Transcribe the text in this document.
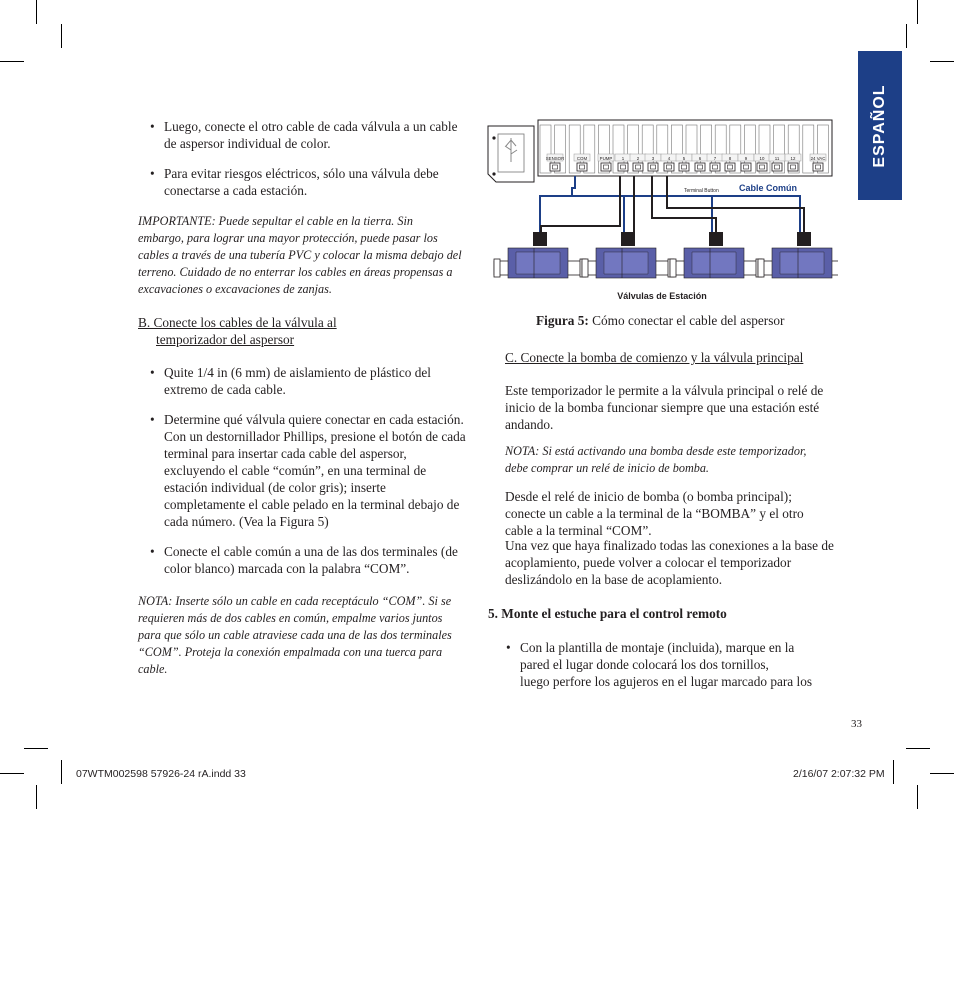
ESPAÑOL
• Luego, conecte el otro cable de cada válvula a un cable de aspersor individual de color.
• Para evitar riesgos eléctricos, sólo una válvula debe conectarse a cada estación.
IMPORTANTE: Puede sepultar el cable en la tierra. Sin
embargo, para lograr una mayor protección, puede pasar los
cables a través de una tubería PVC y colocar la misma debajo del
terreno. Cuidado de no enterrar los cables en áreas propensas a
excavaciones o excavaciones de zanjas.
B. Conecte los cables de la válvula al
temporizador del aspersor
• Quite 1/4 in (6 mm) de aislamiento de plástico del extremo de cada cable.
• Determine qué válvula quiere conectar en cada estación. Con un destornillador Phillips, presione el botón de cada terminal para insertar cada cable del aspersor, excluyendo el cable “común”, en una terminal de estación individual (de color gris); inserte completamente el cable pelado en la terminal debajo de cada número. (Vea la Figura 5)
• Conecte el cable común a una de las dos terminales (de color blanco) marcada con la palabra “COM”.
NOTA: Inserte sólo un cable en cada receptáculo “COM”. Si se
requieren más de dos cables en común, empalme varios juntos
para que sólo un cable atraviese cada una de las dos terminales
“COM”. Proteja la conexión empalmada con una tuerca para
cable.
SENSOR	COM	PUMP 1	2	3	4	5	6	7	8	9	10 11	12	24 VAC
Terminal Button Cable Común
Válvulas de Estación
Figura 5: Cómo conectar el cable del aspersor
C. Conecte la bomba de comienzo y la válvula principal
Este temporizador le permite a la válvula principal o relé de inicio de la bomba funcionar siempre que una estación esté andando.
NOTA: Si está activando una bomba desde este temporizador,
debe comprar un relé de inicio de bomba.
Desde el relé de inicio de bomba (o bomba principal); conecte un cable a la terminal de la “BOMBA” y el otro cable a la terminal “COM”.
Una vez que haya finalizado todas las conexiones a la base de acoplamiento, puede volver a colocar el temporizador deslizándolo en la base de acoplamiento.
5. Monte el estuche para el control remoto
• Con la plantilla de montaje (incluida), marque en la
pared el lugar donde colocará los dos tornillos,
luego perfore los agujeros en el lugar marcado para los
33
07WTM002598 57926-24 rA.indd 33	2/16/07 2:07:32 PM
